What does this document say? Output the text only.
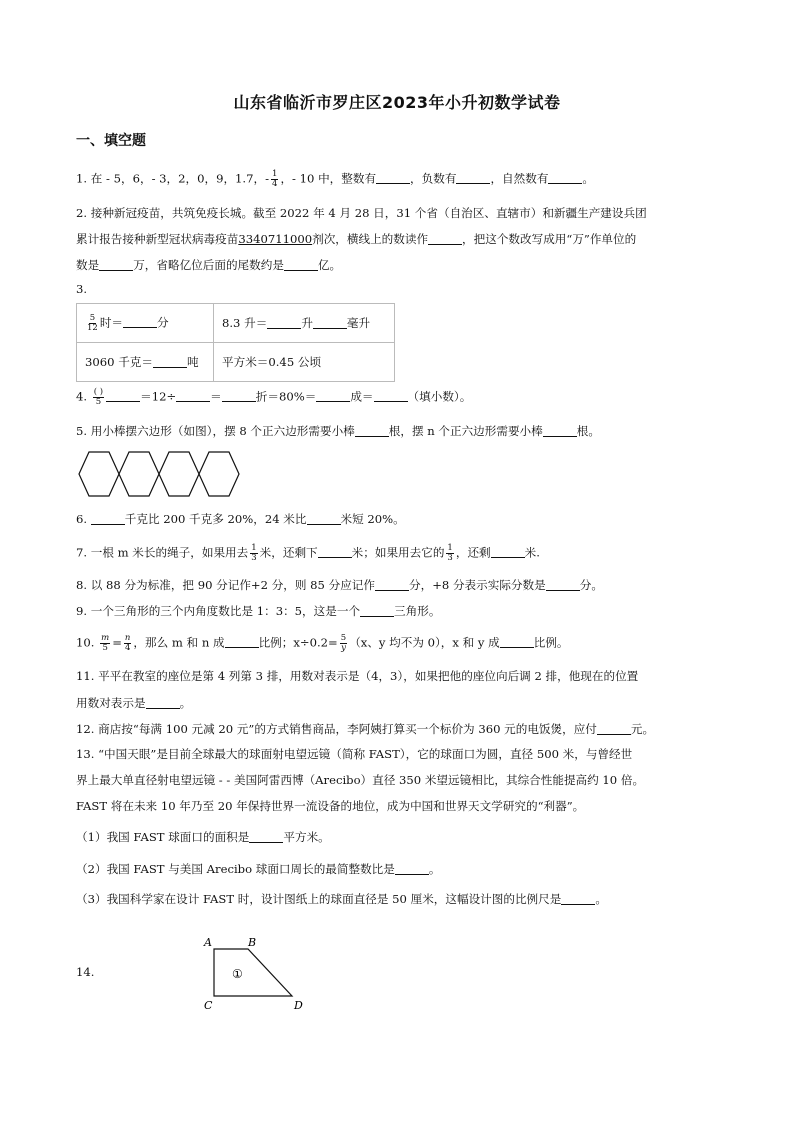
山东省临沂市罗庄区2023年小升初数学试卷
一、填空题
1. 在 - 5，6，- 3，2，0，9，1.7，- $\frac{1}{4}$ ，- 10 中，整数有	，负数有	，自然数有	。
2. 接种新冠疫苗，共筑免疫长城。截至 2022 年 4 月 28 日，31 个省（自治区、直辖市）和新疆生产建设兵团
累计报告接种新型冠状病毒疫苗3340711000剂次，横线上的数读作	，把这个数改写成用“万”作单位的
数是	万，省略亿位后面的尾数约是	亿。
3.
$\frac{5}{12}$ 时＝ 分	8.3 升＝ 升 毫升
3060 千克＝ 吨	平方米＝0.45 公顷
4. $\frac{( )}{5}$	＝12÷	＝	折＝80%＝	成＝	（填小数）。
5. 用小棒摆六边形（如图），摆 8 个正六边形需要小棒	根，摆 n 个正六边形需要小棒	根。
6.	千克比 200 千克多 20%，24 米比	米短 20%。
7. 一根 m 米长的绳子，如果用去 $\frac{1}{3}$ 米，还剩下	米；如果用去它的 $\frac{1}{3}$ ，还剩	米.
8. 以 88 分为标准，把 90 分记作+2 分，则 85 分应记作	分，+8 分表示实际分数是	分。
9. 一个三角形的三个内角度数比是 1：3：5，这是一个	三角形。
10. $\frac{m}{5} = \frac{n}{4}$ ，那么 m 和 n 成	比例；$x\div 0.2= \frac{5}{y} (x$、y 均不为 0），x 和 y 成	比例。
11. 平平在教室的座位是第 4 列第 3 排，用数对表示是（4，3），如果把他的座位向后调 2 排，他现在的位置
用数对表示是	。
12. 商店按“每满 100 元减 20 元”的方式销售商品，李阿姨打算买一个标价为 360 元的电饭煲，应付	元。
13. “中国天眼”是目前全球最大的球面射电望远镜（简称 FAST），它的球面口为圆，直径 500 米，与曾经世
界上最大单直径射电望远镜 - - 美国阿雷西博（Arecibo）直径 350 米望远镜相比，其综合性能提高约 10 倍。
FAST 将在未来 10 年乃至 20 年保持世界一流设备的地位，成为中国和世界天文学研究的“利器”。
（1）我国 FAST 球面口的面积是	平方米。
（2）我国 FAST 与美国 Arecibo 球面口周长的最简整数比是	。
（3）我国科学家在设计 FAST 时，设计图纸上的球面直径是 50 厘米，这幅设计图的比例尺是	。
14.
A	B
C	D
①
